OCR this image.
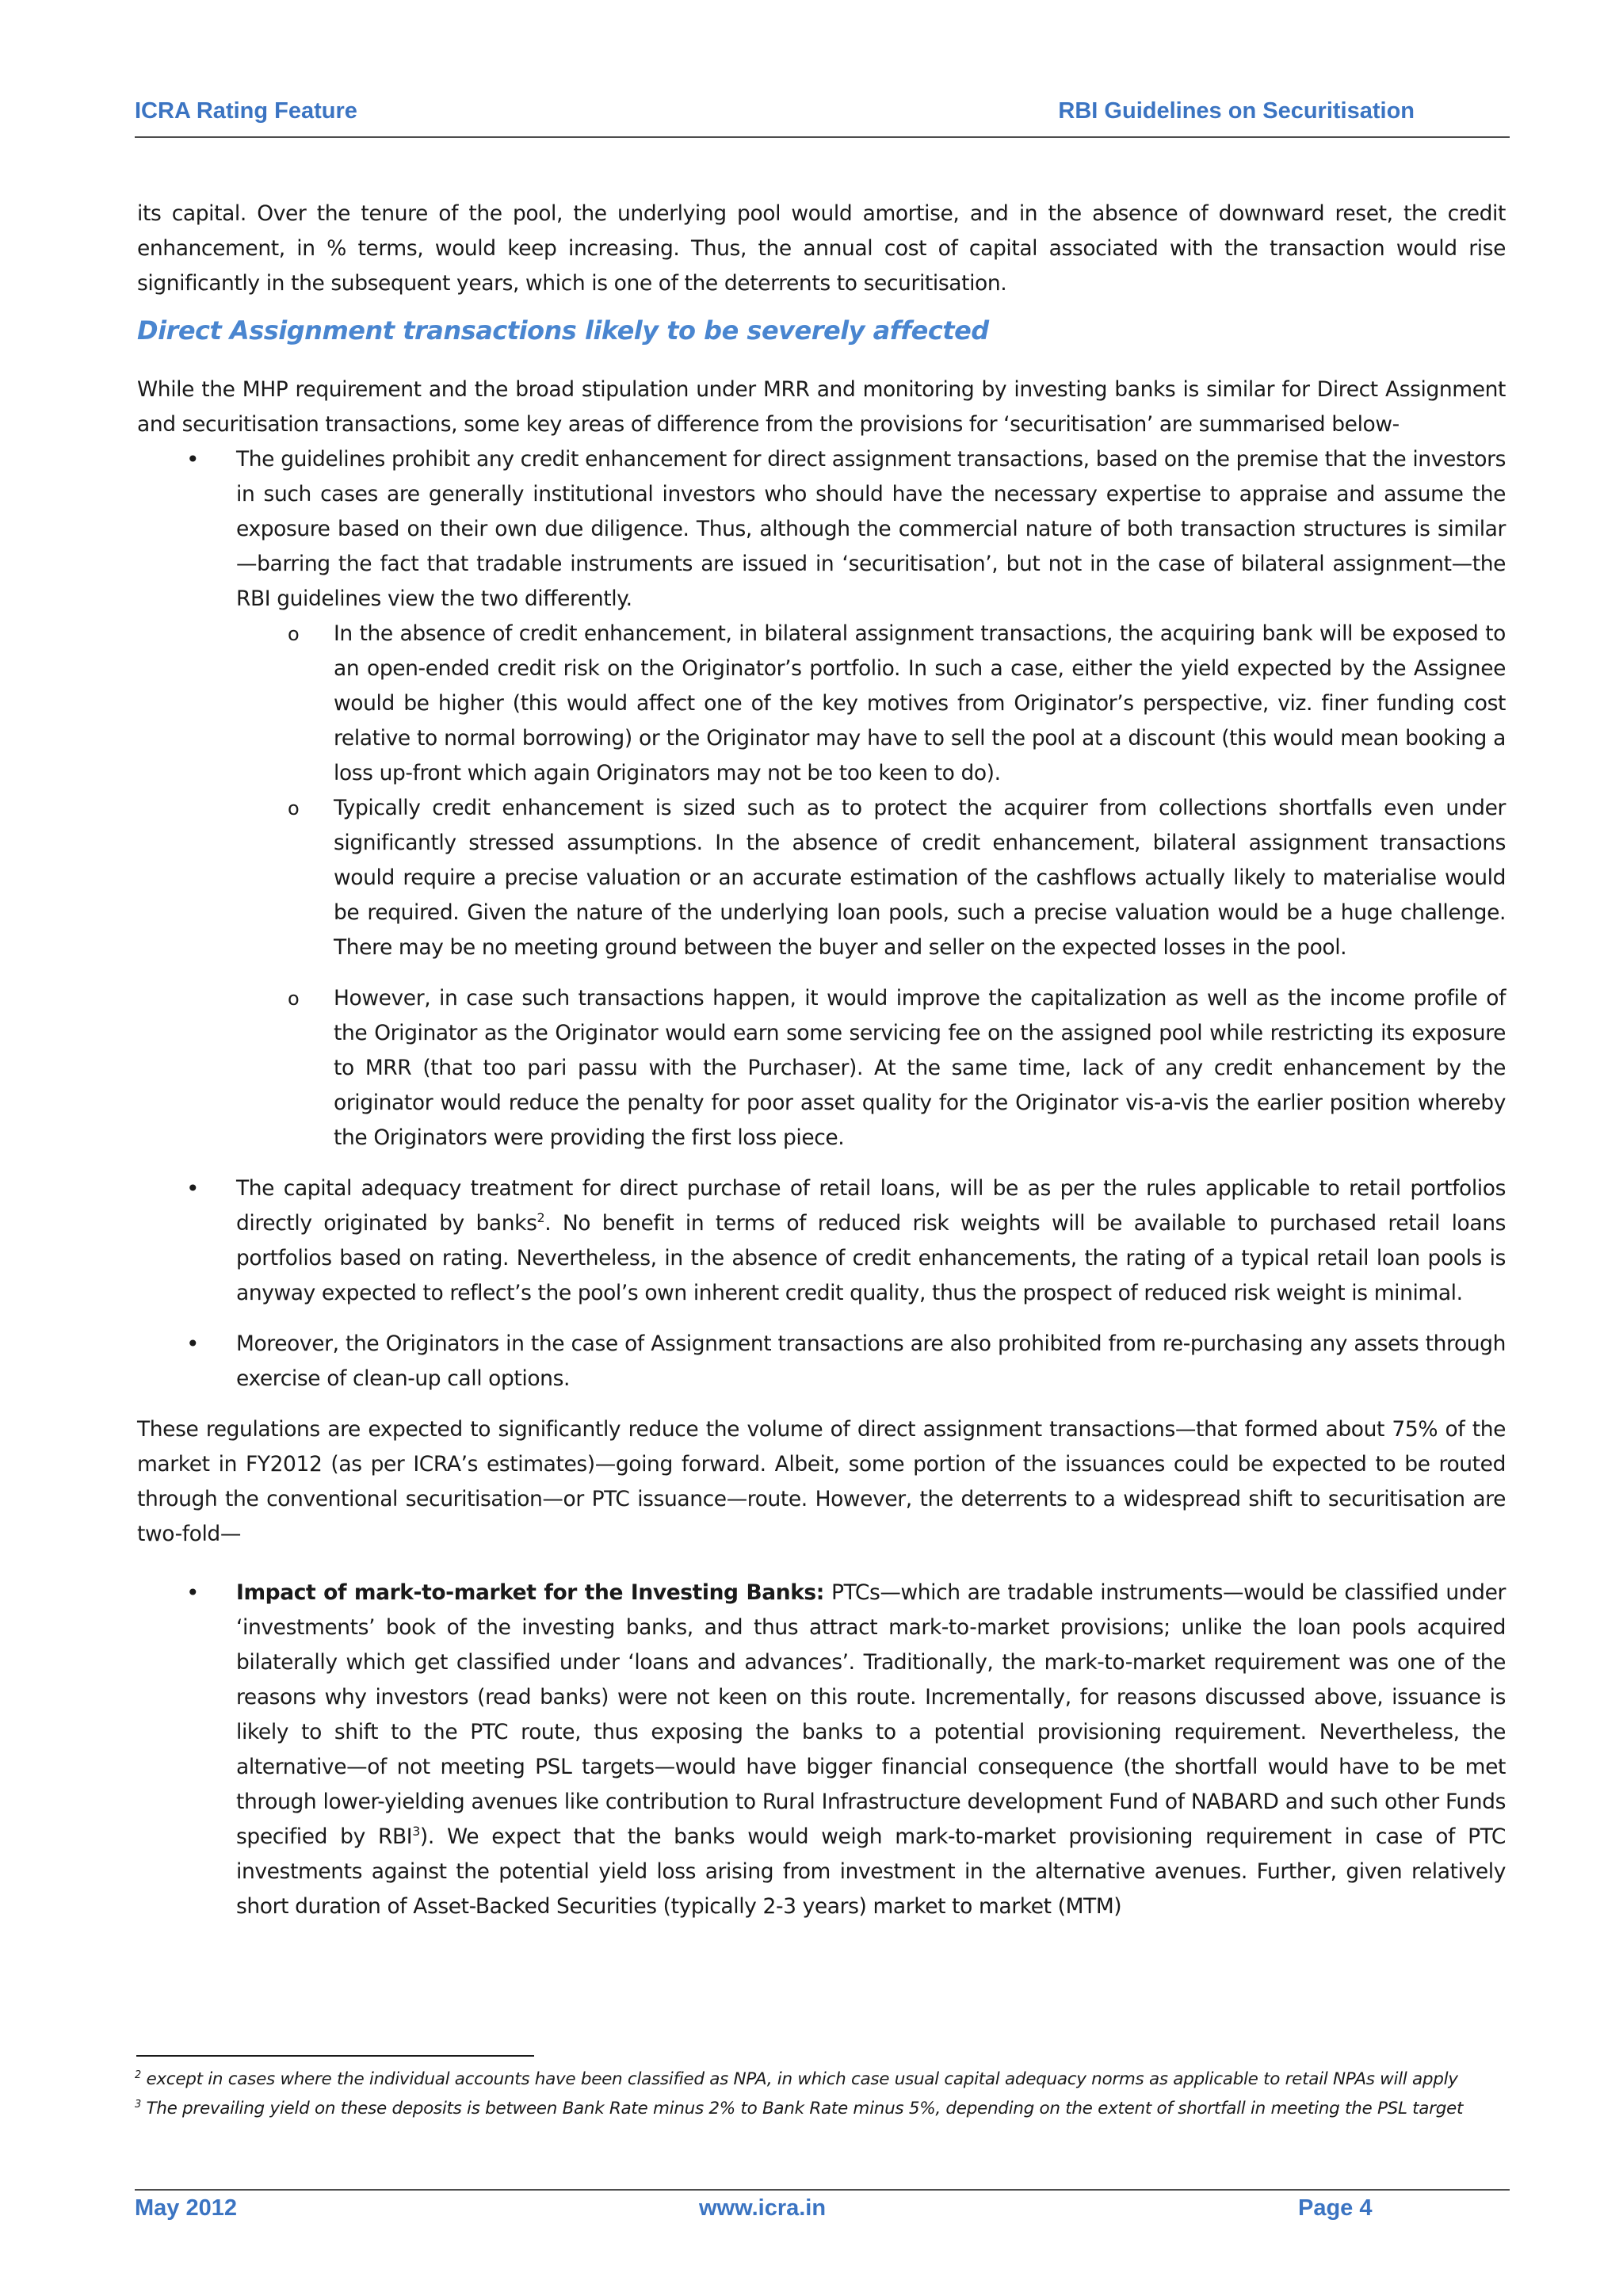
ICRA Rating Feature	RBI Guidelines on Securitisation

its capital. Over the tenure of the pool, the underlying pool would amortise, and in the absence of downward reset, the credit enhancement, in % terms, would keep increasing. Thus, the annual cost of capital associated with the transaction would rise significantly in the subsequent years, which is one of the deterrents to securitisation.

Direct Assignment transactions likely to be severely affected

While the MHP requirement and the broad stipulation under MRR and monitoring by investing banks is similar for Direct Assignment and securitisation transactions, some key areas of difference from the provisions for ‘securitisation’ are summarised below-

• The guidelines prohibit any credit enhancement for direct assignment transactions, based on the premise that the investors in such cases are generally institutional investors who should have the necessary expertise to appraise and assume the exposure based on their own due diligence. Thus, although the commercial nature of both transaction structures is similar—barring the fact that tradable instruments are issued in ‘securitisation’, but not in the case of bilateral assignment—the RBI guidelines view the two differently.
o	In the absence of credit enhancement, in bilateral assignment transactions, the acquiring bank will be exposed to an open-ended credit risk on the Originator’s portfolio. In such a case, either the yield expected by the Assignee would be higher (this would affect one of the key motives from Originator’s perspective, viz. finer funding cost relative to normal borrowing) or the Originator may have to sell the pool at a discount (this would mean booking a loss up-front which again Originators may not be too keen to do).
o	Typically credit enhancement is sized such as to protect the acquirer from collections shortfalls even under significantly stressed assumptions. In the absence of credit enhancement, bilateral assignment transactions would require a precise valuation or an accurate estimation of the cashflows actually likely to materialise would be required. Given the nature of the underlying loan pools, such a precise valuation would be a huge challenge. There may be no meeting ground between the buyer and seller on the expected losses in the pool.
o	However, in case such transactions happen, it would improve the capitalization as well as the income profile of the Originator as the Originator would earn some servicing fee on the assigned pool while restricting its exposure to MRR (that too pari passu with the Purchaser). At the same time, lack of any credit enhancement by the originator would reduce the penalty for poor asset quality for the Originator vis-a-vis the earlier position whereby the Originators were providing the first loss piece.
• The capital adequacy treatment for direct purchase of retail loans, will be as per the rules applicable to retail portfolios directly originated by banks$^2$. No benefit in terms of reduced risk weights will be available to purchased retail loans portfolios based on rating. Nevertheless, in the absence of credit enhancements, the rating of a typical retail loan pools is anyway expected to reflect’s the pool’s own inherent credit quality, thus the prospect of reduced risk weight is minimal.
• Moreover, the Originators in the case of Assignment transactions are also prohibited from re-purchasing any assets through exercise of clean-up call options.

These regulations are expected to significantly reduce the volume of direct assignment transactions—that formed about 75% of the market in FY2012 (as per ICRA’s estimates)—going forward. Albeit, some portion of the issuances could be expected to be routed through the conventional securitisation—or PTC issuance—route. However, the deterrents to a widespread shift to securitisation are two-fold—

• Impact of mark-to-market for the Investing Banks: PTCs—which are tradable instruments—would be classified under ‘investments’ book of the investing banks, and thus attract mark-to-market provisions; unlike the loan pools acquired bilaterally which get classified under ‘loans and advances’. Traditionally, the mark-to-market requirement was one of the reasons why investors (read banks) were not keen on this route. Incrementally, for reasons discussed above, issuance is likely to shift to the PTC route, thus exposing the banks to a potential provisioning requirement. Nevertheless, the alternative—of not meeting PSL targets—would have bigger financial consequence (the shortfall would have to be met through lower-yielding avenues like contribution to Rural Infrastructure development Fund of NABARD and such other Funds specified by RBI$^3$). We expect that the banks would weigh mark-to-market provisioning requirement in case of PTC investments against the potential yield loss arising from investment in the alternative avenues. Further, given relatively short duration of Asset-Backed Securities (typically 2-3 years) market to market (MTM)

$^2$ except in cases where the individual accounts have been classified as NPA, in which case usual capital adequacy norms as applicable to retail NPAs will apply

$^3$ The prevailing yield on these deposits is between Bank Rate minus 2% to Bank Rate minus 5%, depending on the extent of shortfall in meeting the PSL target

May 2012	www.icra.in	Page 4
